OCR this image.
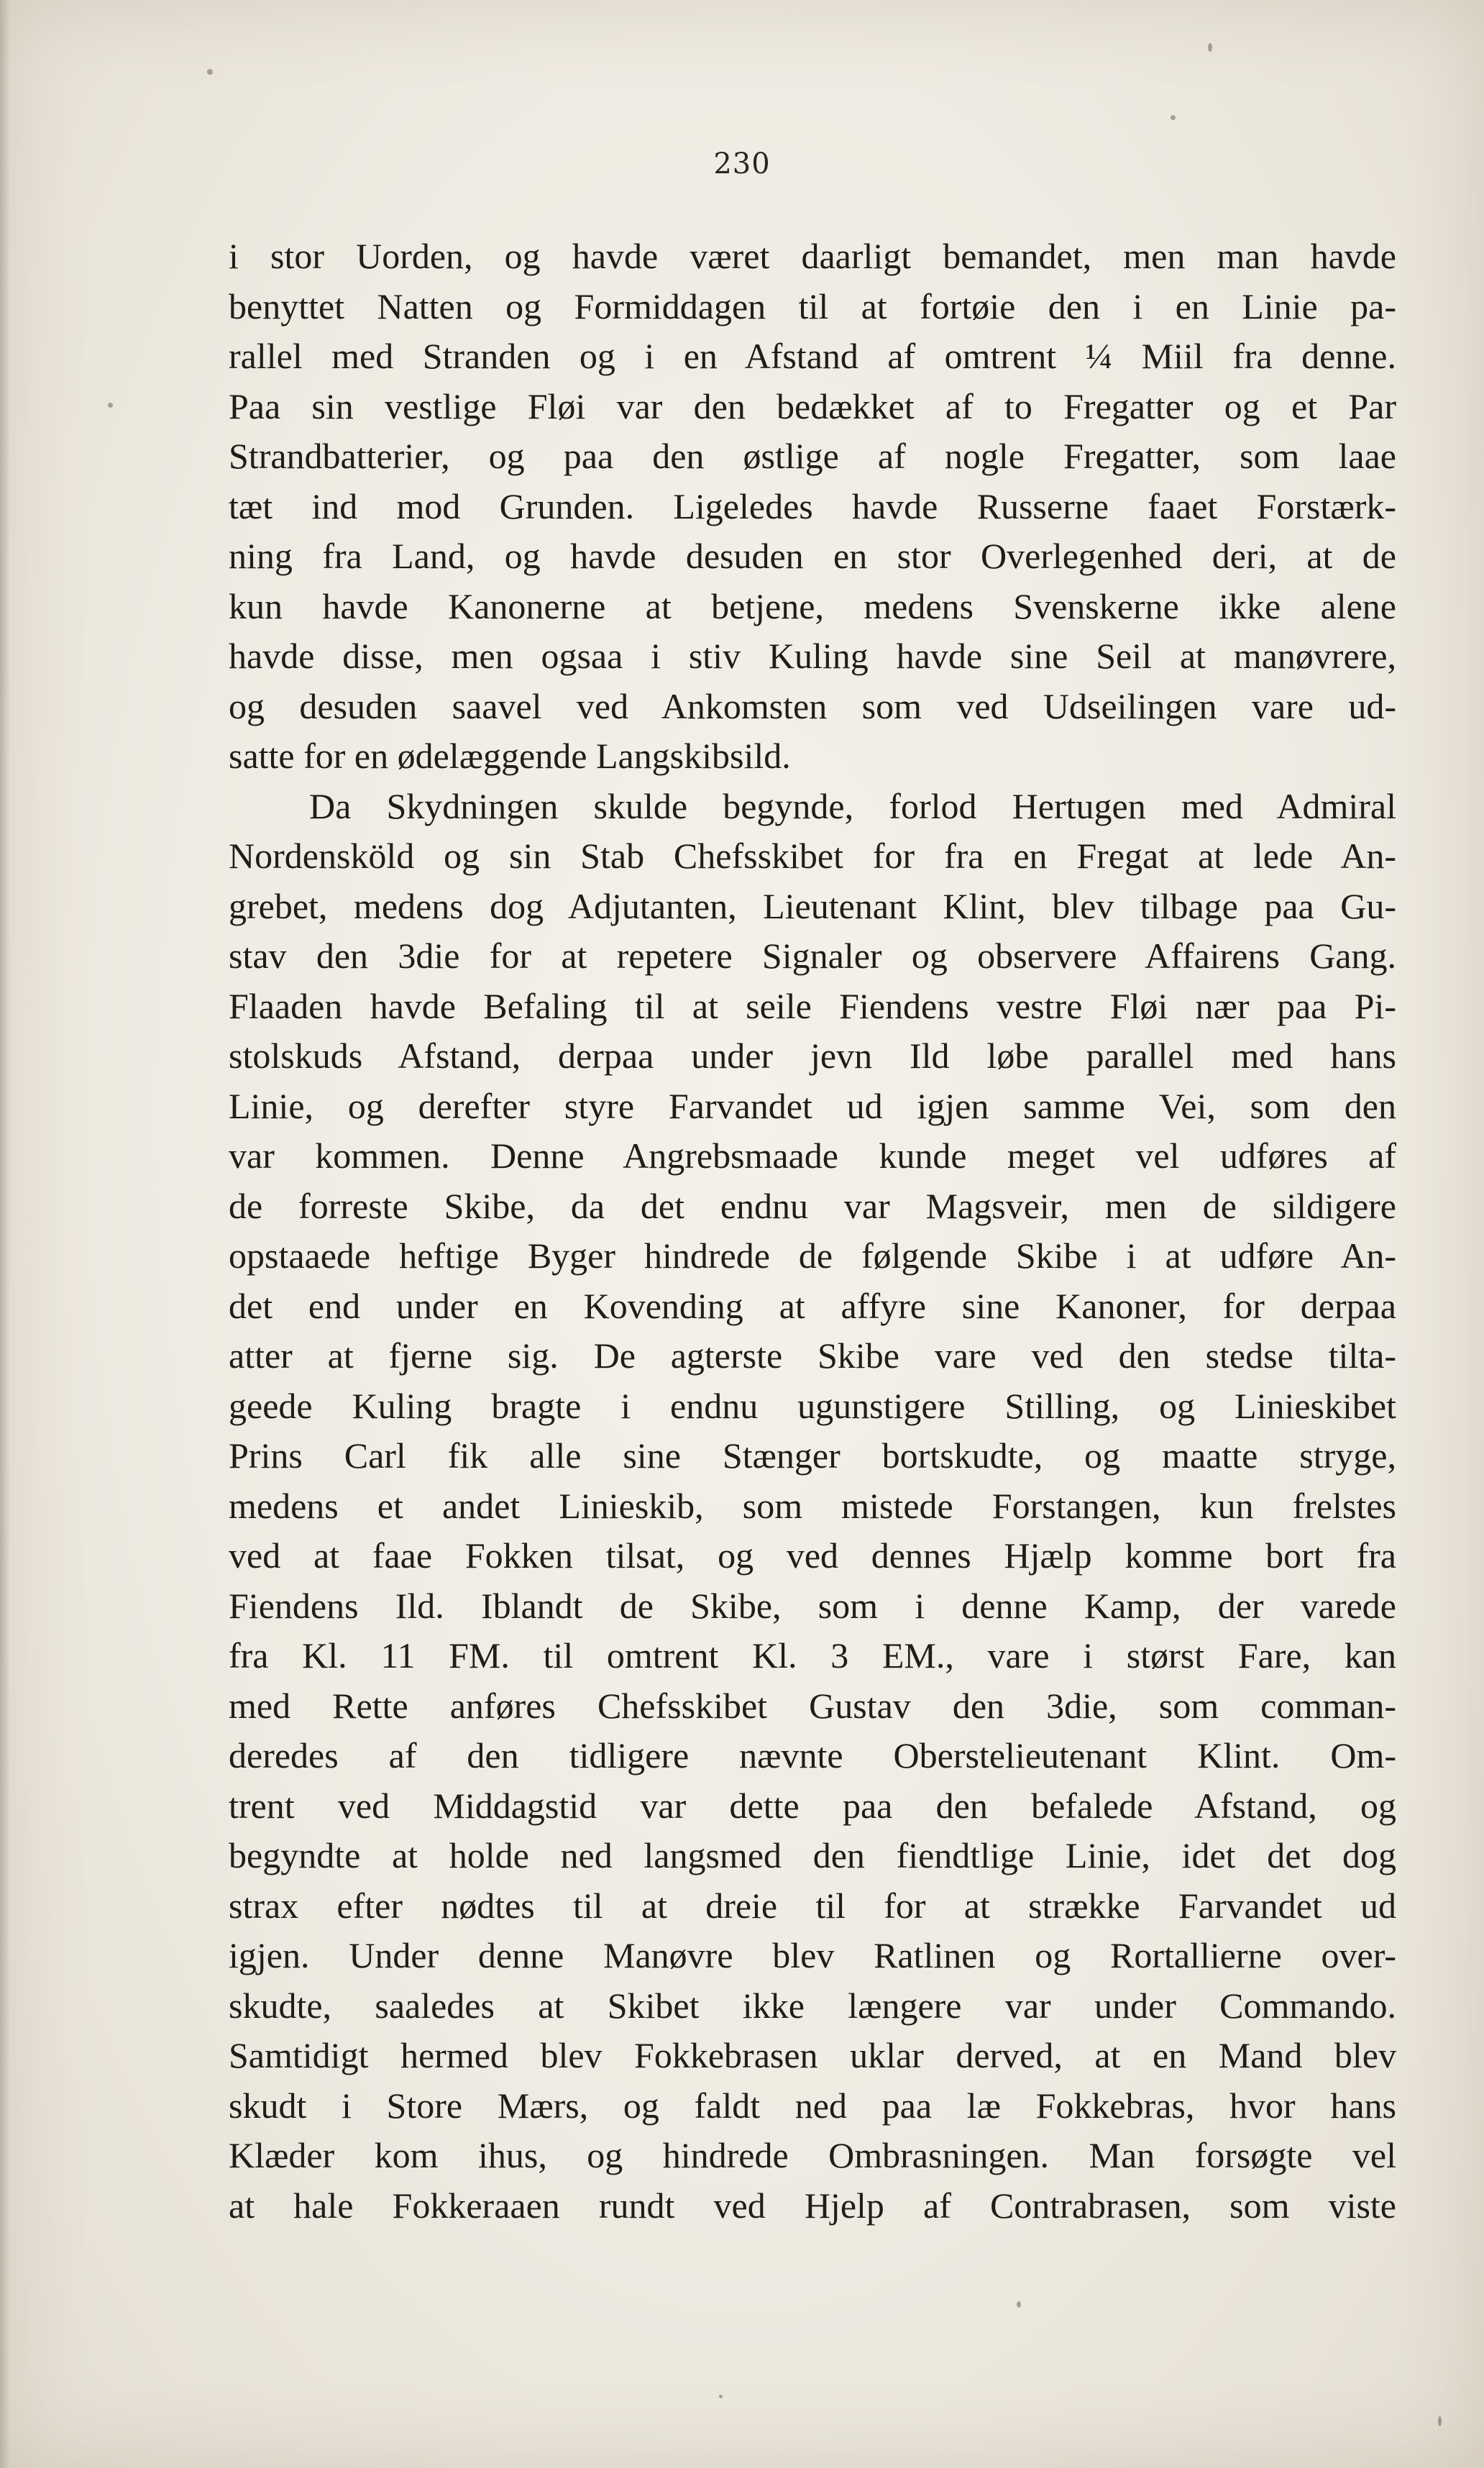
230
i stor Uorden, og havde været daarligt bemandet, men man havde
benyttet Natten og Formiddagen til at fortøie den i en Linie pa-
rallel med Stranden og i en Afstand af omtrent ¼ Miil fra denne.
Paa sin vestlige Fløi var den bedækket af to Fregatter og et Par
Strandbatterier, og paa den østlige af nogle Fregatter, som laae
tæt ind mod Grunden. Ligeledes havde Russerne faaet Forstærk-
ning fra Land, og havde desuden en stor Overlegenhed deri, at de
kun havde Kanonerne at betjene, medens Svenskerne ikke alene
havde disse, men ogsaa i stiv Kuling havde sine Seil at manøvrere,
og desuden saavel ved Ankomsten som ved Udseilingen vare ud-
satte for en ødelæggende Langskibsild.
Da Skydningen skulde begynde, forlod Hertugen med Admiral
Nordensköld og sin Stab Chefsskibet for fra en Fregat at lede An-
grebet, medens dog Adjutanten, Lieutenant Klint, blev tilbage paa Gu-
stav den 3die for at repetere Signaler og observere Affairens Gang.
Flaaden havde Befaling til at seile Fiendens vestre Fløi nær paa Pi-
stolskuds Afstand, derpaa under jevn Ild løbe parallel med hans
Linie, og derefter styre Farvandet ud igjen samme Vei, som den
var kommen. Denne Angrebsmaade kunde meget vel udføres af
de forreste Skibe, da det endnu var Magsveir, men de sildigere
opstaaede heftige Byger hindrede de følgende Skibe i at udføre An-
det end under en Kovending at affyre sine Kanoner, for derpaa
atter at fjerne sig. De agterste Skibe vare ved den stedse tilta-
geede Kuling bragte i endnu ugunstigere Stilling, og Linieskibet
Prins Carl fik alle sine Stænger bortskudte, og maatte stryge,
medens et andet Linieskib, som mistede Forstangen, kun frelstes
ved at faae Fokken tilsat, og ved dennes Hjælp komme bort fra
Fiendens Ild. Iblandt de Skibe, som i denne Kamp, der varede
fra Kl. 11 FM. til omtrent Kl. 3 EM., vare i størst Fare, kan
med Rette anføres Chefsskibet Gustav den 3die, som comman-
deredes af den tidligere nævnte Oberstelieutenant Klint. Om-
trent ved Middagstid var dette paa den befalede Afstand, og
begyndte at holde ned langsmed den fiendtlige Linie, idet det dog
strax efter nødtes til at dreie til for at strække Farvandet ud
igjen. Under denne Manøvre blev Ratlinen og Rortallierne over-
skudte, saaledes at Skibet ikke længere var under Commando.
Samtidigt hermed blev Fokkebrasen uklar derved, at en Mand blev
skudt i Store Mærs, og faldt ned paa læ Fokkebras, hvor hans
Klæder kom ihus, og hindrede Ombrasningen. Man forsøgte vel
at hale Fokkeraaen rundt ved Hjelp af Contrabrasen, som viste
